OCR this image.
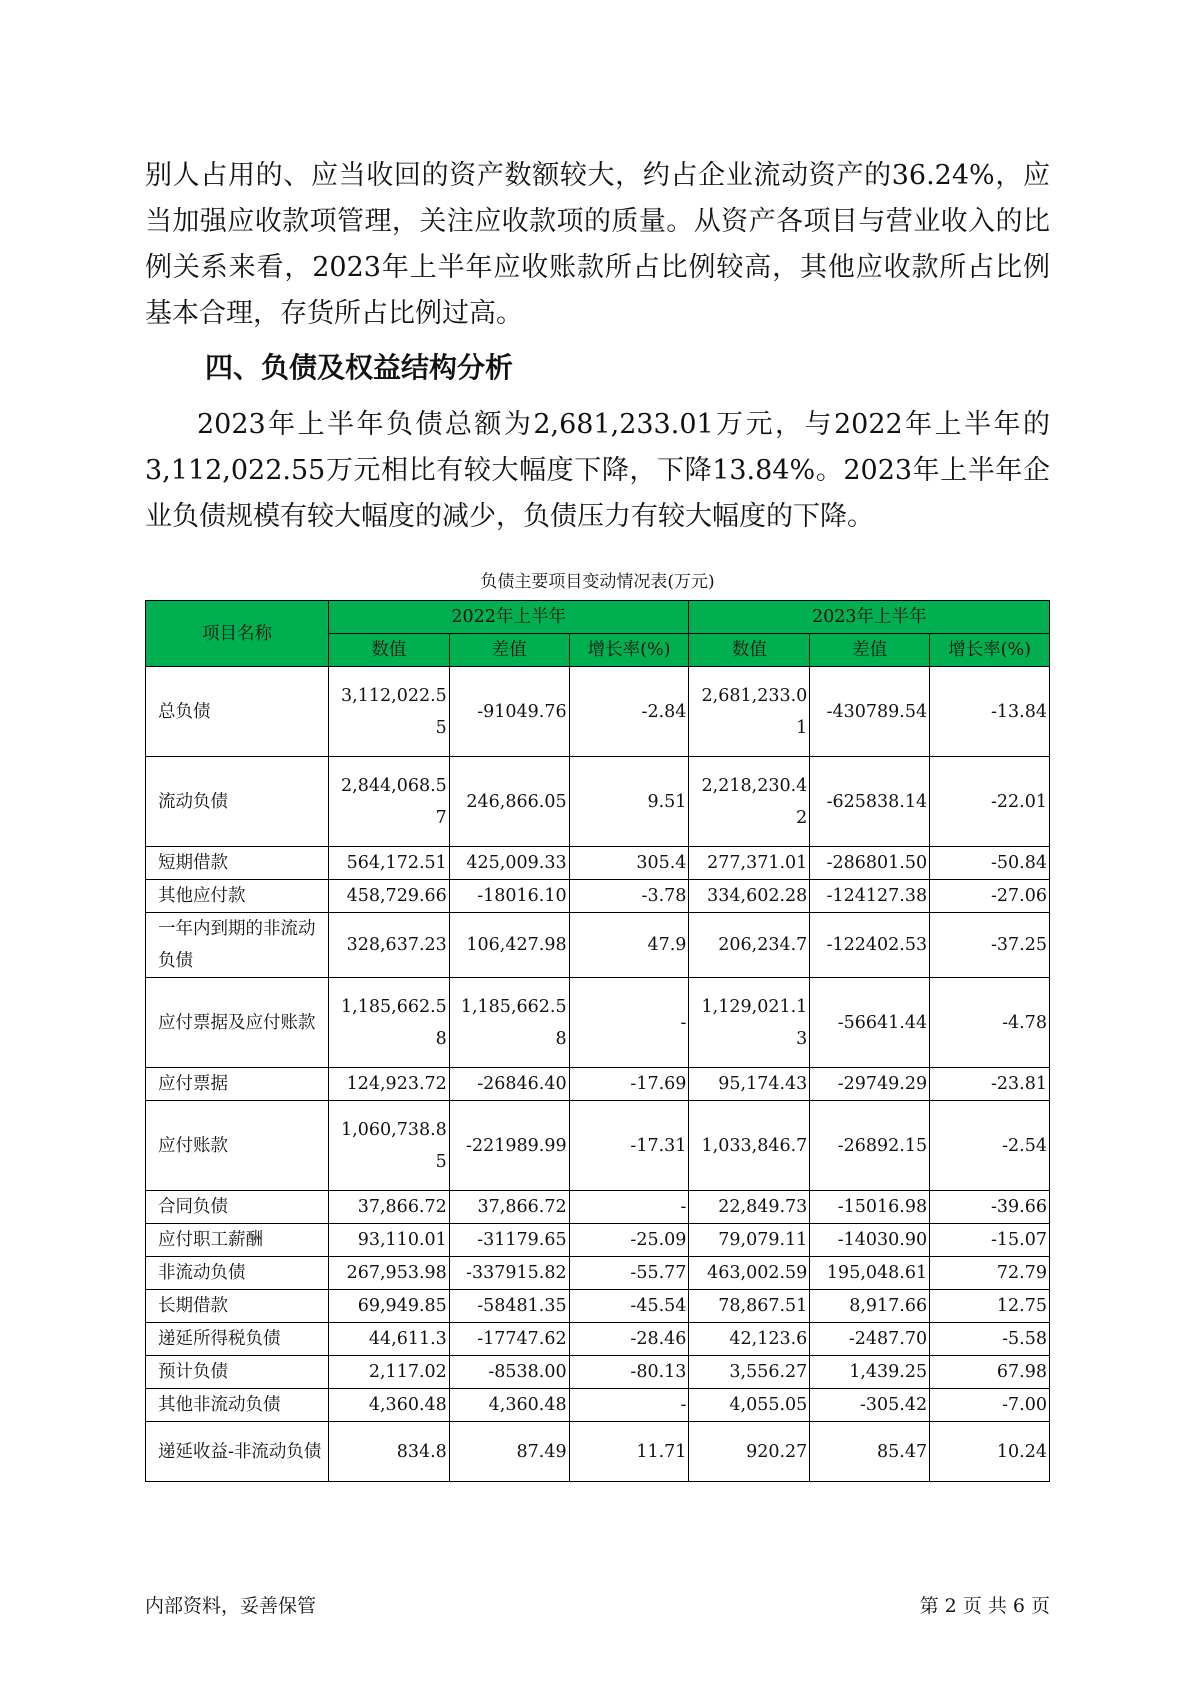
别人占用的、应当收回的资产数额较大，约占企业流动资产的36.24%，应当加强应收款项管理，关注应收款项的质量。从资产各项目与营业收入的比例关系来看，2023年上半年应收账款所占比例较高，其他应收款所占比例基本合理，存货所占比例过高。

四、负债及权益结构分析

2023年上半年负债总额为2,681,233.01万元，与2022年上半年的3,112,022.55万元相比有较大幅度下降，下降13.84%。2023年上半年企业负债规模有较大幅度的减少，负债压力有较大幅度的下降。

负债主要项目变动情况表(万元)
项目名称	2022年上半年			2023年上半年		
	数值	差值	增长率(%)	数值	差值	增长率(%)
总负债	3,112,022.55	-91049.76	-2.84	2,681,233.01	-430789.54	-13.84
流动负债	2,844,068.57	246,866.05	9.51	2,218,230.42	-625838.14	-22.01
短期借款	564,172.51	425,009.33	305.4	277,371.01	-286801.50	-50.84
其他应付款	458,729.66	-18016.10	-3.78	334,602.28	-124127.38	-27.06
一年内到期的非流动负债	328,637.23	106,427.98	47.9	206,234.7	-122402.53	-37.25
应付票据及应付账款	1,185,662.58	1,185,662.58	-	1,129,021.13	-56641.44	-4.78
应付票据	124,923.72	-26846.40	-17.69	95,174.43	-29749.29	-23.81
应付账款	1,060,738.85	-221989.99	-17.31	1,033,846.7	-26892.15	-2.54
合同负债	37,866.72	37,866.72	-	22,849.73	-15016.98	-39.66
应付职工薪酬	93,110.01	-31179.65	-25.09	79,079.11	-14030.90	-15.07
非流动负债	267,953.98	-337915.82	-55.77	463,002.59	195,048.61	72.79
长期借款	69,949.85	-58481.35	-45.54	78,867.51	8,917.66	12.75
递延所得税负债	44,611.3	-17747.62	-28.46	42,123.6	-2487.70	-5.58
预计负债	2,117.02	-8538.00	-80.13	3,556.27	1,439.25	67.98
其他非流动负债	4,360.48	4,360.48	-	4,055.05	-305.42	-7.00
递延收益-非流动负债	834.8	87.49	11.71	920.27	85.47	10.24
内部资料，妥善保管	第 2 页 共 6 页
